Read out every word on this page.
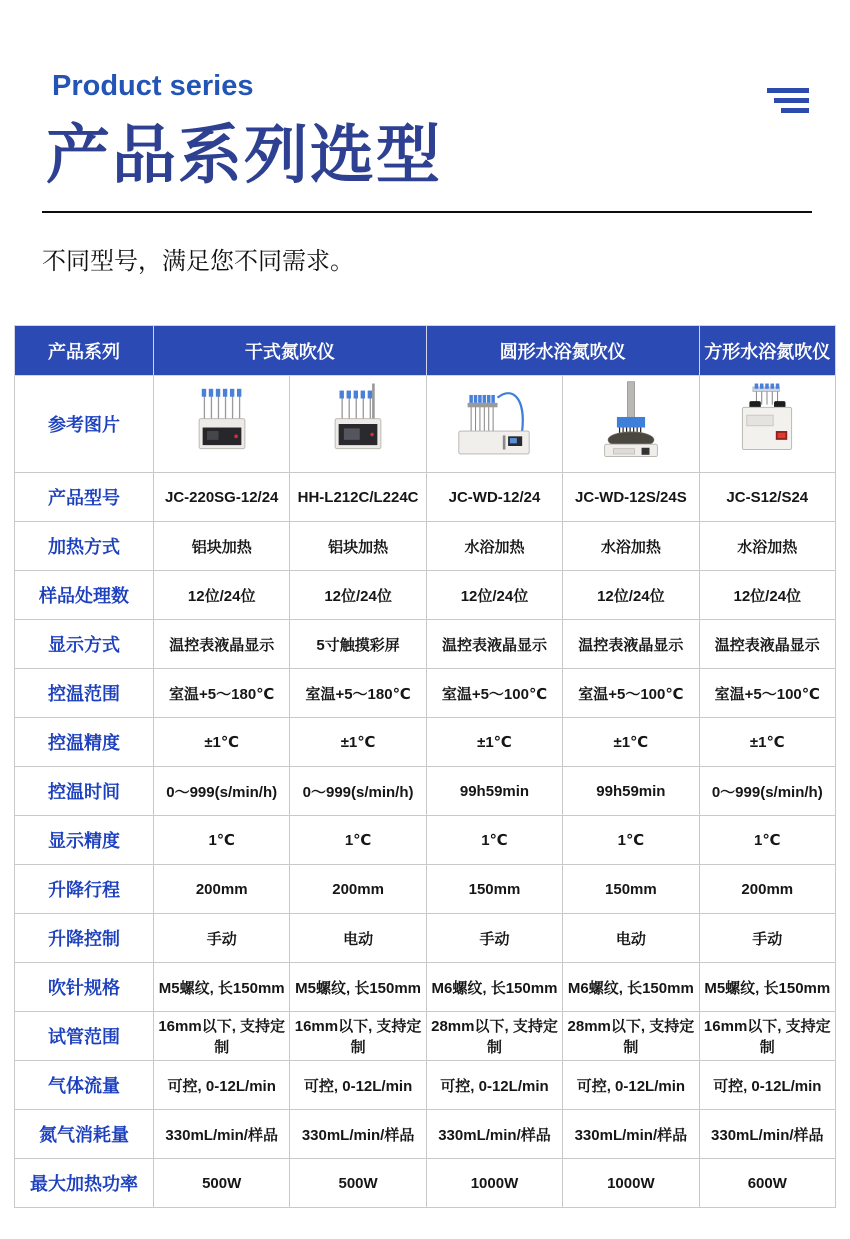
Product series
产品系列选型

不同型号，满足您不同需求。

产品系列	干式氮吹仪		圆形水浴氮吹仪		方形水浴氮吹仪
参考图片	

产品型号	JC-220SG-12/24	HH-L212C/L224C	JC-WD-12/24	JC-WD-12S/24S	JC-S12/S24
加热方式	铝块加热	铝块加热	水浴加热	水浴加热	水浴加热
样品处理数	12位/24位	12位/24位	12位/24位	12位/24位	12位/24位
显示方式	温控表液晶显示	5寸触摸彩屏	温控表液晶显示	温控表液晶显示	温控表液晶显示
控温范围	室温+5～180℃	室温+5～180℃	室温+5～100℃	室温+5～100℃	室温+5～100℃
控温精度	±1℃	±1℃	±1℃	±1℃	±1℃
控温时间	0～999(s/min/h)	0～999(s/min/h)	99h59min	99h59min	0～999(s/min/h)
显示精度	1℃	1℃	1℃	1℃	1℃
升降行程	200mm	200mm	150mm	150mm	200mm
升降控制	手动	电动	手动	电动	手动
吹针规格	M5螺纹, 长150mm	M5螺纹, 长150mm	M6螺纹, 长150mm	M6螺纹, 长150mm	M5螺纹, 长150mm
试管范围	16mm以下, 支持定制	16mm以下, 支持定制	28mm以下, 支持定制	28mm以下, 支持定制	16mm以下, 支持定制
气体流量	可控, 0-12L/min	可控, 0-12L/min	可控, 0-12L/min	可控, 0-12L/min	可控, 0-12L/min
氮气消耗量	330mL/min/样品	330mL/min/样品	330mL/min/样品	330mL/min/样品	330mL/min/样品
最大加热功率	500W	500W	1000W	1000W	600W
